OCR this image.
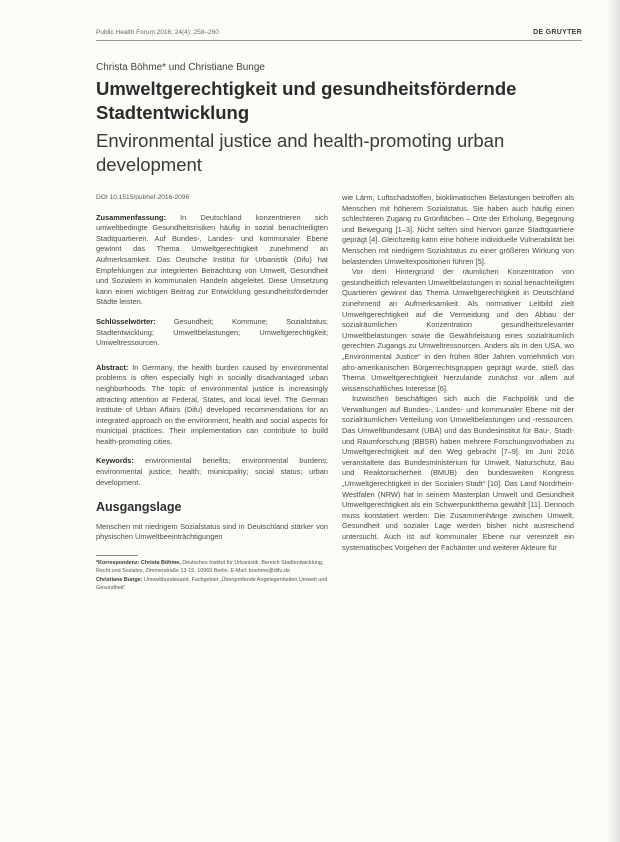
Public Health Forum 2016; 24(4): 258–260	DE GRUYTER
Christa Böhme* und Christiane Bunge
Umweltgerechtigkeit und gesundheitsfördernde Stadtentwicklung
Environmental justice and health-promoting urban development
DOI 10.1515/pubhef-2016-2096

Zusammenfassung: In Deutschland konzentrieren sich umweltbedingte Gesundheitsrisiken häufig in sozial benachteiligten Stadtquartieren. Auf Bundes-, Landes- und kommunaler Ebene gewinnt das Thema Umweltgerechtigkeit zunehmend an Aufmerksamkeit. Das Deutsche Institut für Urbanistik (Difu) hat Empfehlungen zur integrierten Betrachtung von Umwelt, Gesundheit und Sozialem in kommunalen Handeln abgeleitet. Diese Umsetzung kann einen wichtigen Beitrag zur Entwicklung gesundheitsfördernder Städte leisten.

Schlüsselwörter: Gesundheit; Kommune; Sozialstatus; Stadtentwicklung; Umweltbelastungen; Umweltgerechtigkeit; Umweltressourcen.

Abstract: In Germany, the health burden caused by environmental problems is often especially high in socially disadvantaged urban neighborhoods. The topic of environmental justice is increasingly attracting attention at Federal, States, and local level. The German Institute of Urban Affairs (Difu) developed recommendations for an integrated approach on the environment, health and social aspects for municipal practices. Their implementation can contribute to build health-promoting cities.

Keywords: environmental benefits; environmental burdens; environmental justice; health; municipality; social status; urban development.

Ausgangslage

Menschen mit niedrigem Sozialstatus sind in Deutschland stärker von physischen Umweltbeeinträchtigungen

*Korrespondenz: Christa Böhme, Deutsches Institut für Urbanistik, Bereich Stadtentwicklung, Recht und Soziales, Zimmerstraße 13-15, 10969 Berlin, E-Mail: boehme@difu.de

Christiane Bunge: Umweltbundesamt, Fachgebiet „Übergreifende Angelegenheiten Umwelt und Gesundheit“

wie Lärm, Luftschadstoffen, bioklimatischen Belastungen betroffen als Menschen mit höherem Sozialstatus. Sie haben auch häufig einen schlechteren Zugang zu Grünflächen – Orte der Erholung, Begegnung und Bewegung [1–3]. Nicht selten sind hiervon ganze Stadtquartiere geprägt [4]. Gleichzeitig kann eine höhere individuelle Vulnerabilität bei Menschen mit niedrigem Sozialstatus zu einer größeren Wirkung von belastenden Umweltexpositionen führen [5].

Vor dem Hintergrund der räumlichen Konzentration von gesundheitlich relevanten Umweltbelastungen in sozial benachteiligten Quartieren gewinnt das Thema Umweltgerechtigkeit in Deutschland zunehmend an Aufmerksamkeit. Als normativer Leitbild zielt Umweltgerechtigkeit auf die Vermeidung und den Abbau der sozialräumlichen Konzentration gesundheitsrelevanter Umweltbelastungen sowie die Gewährleistung eines sozialräumlich gerechten Zugangs zu Umweltressourcen. Anders als in den USA, wo „Environmental Justice“ in den frühen 80er Jahren vornehmlich von afro-amerikanischen Bürgerrechtsgruppen geprägt wurde, stieß das Thema Umweltgerechtigkeit hierzulande zunächst vor allem auf wissenschaftliches Interesse [6].

Inzwischen beschäftigen sich auch die Fachpolitik und die Verwaltungen auf Bundes-, Landes- und kommunaler Ebene mit der sozialräumlichen Verteilung von Umweltbelastungen und -ressourcen. Das Umweltbundesamt (UBA) und das Bundesinstitut für Bau-, Stadt- und Raumforschung (BBSR) haben mehrere Forschungsvorhaben zu Umweltgerechtigkeit auf den Weg gebracht [7–9]. Im Juni 2016 veranstaltete das Bundesministerium für Umwelt, Naturschutz, Bau und Reaktorsicherheit (BMUB) den bundesweiten Kongress „Umweltgerechtigkeit in der Sozialen Stadt“ [10]. Das Land Nordrhein-Westfalen (NRW) hat in seinem Masterplan Umwelt und Gesundheit Umweltgerechtigkeit als ein Schwerpunktthema gewählt [11]. Dennoch muss konstatiert werden: Die Zusammenhänge zwischen Umwelt, Gesundheit und sozialer Lage werden bisher nicht ausreichend untersucht. Auch ist auf kommunaler Ebene nur vereinzelt ein systematisches Vorgehen der Fachämter und weiterer Akteure für
